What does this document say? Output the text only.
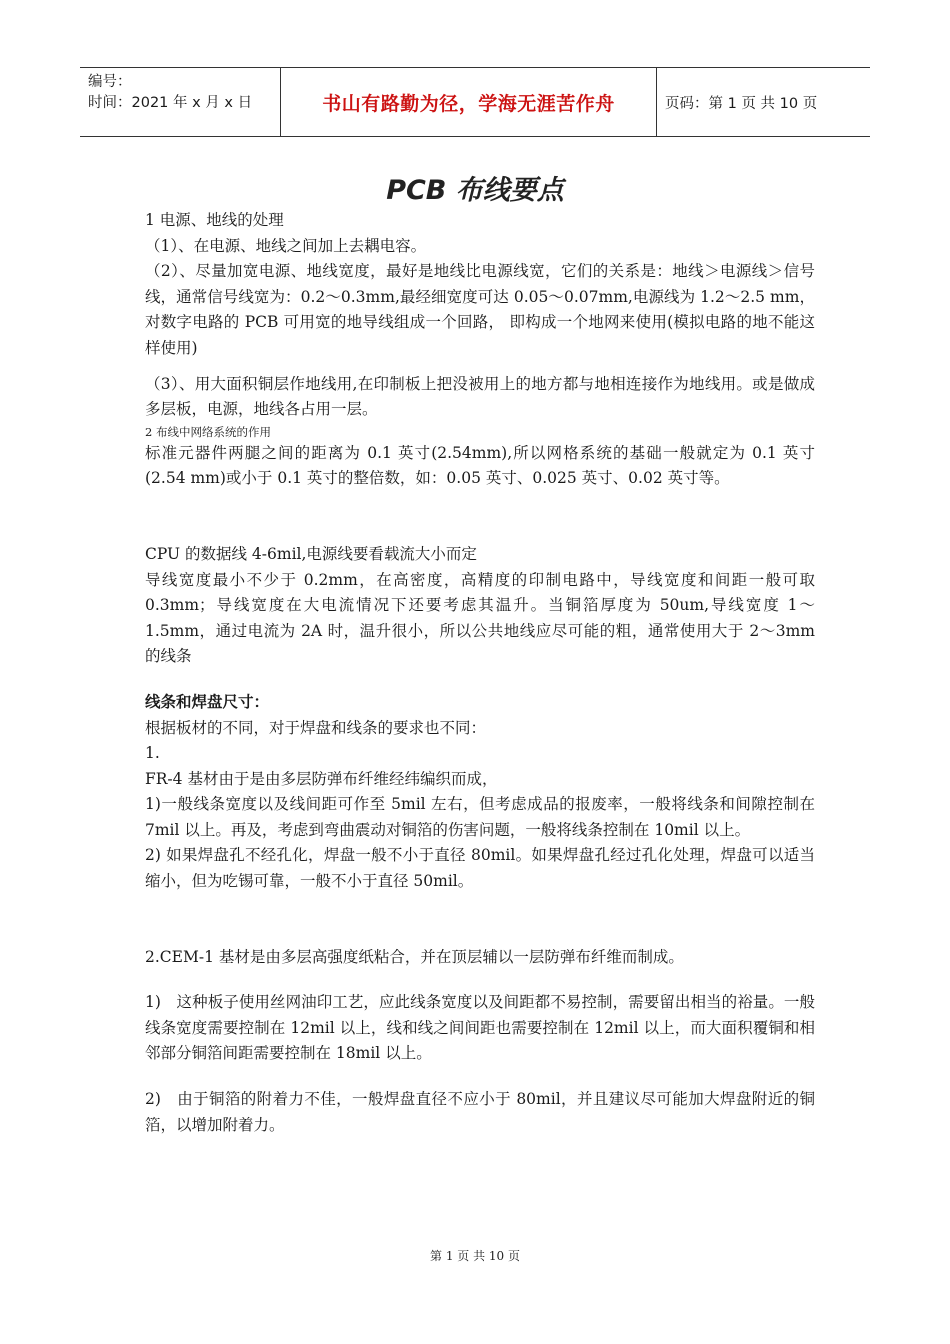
编号：
时间：2021 年 x 月 x 日	书山有路勤为径，学海无涯苦作舟	页码：第 1 页 共 10 页
PCB 布线要点

1 电源、地线的处理

（1）、在电源、地线之间加上去耦电容。

（2）、尽量加宽电源、地线宽度，最好是地线比电源线宽，它们的关系是：地线＞电源线＞信号线，通常信号线宽为：0.2～0.3mm,最经细宽度可达 0.05～0.07mm,电源线为 1.2～2.5 mm，对数字电路的 PCB 可用宽的地导线组成一个回路， 即构成一个地网来使用(模拟电路的地不能这样使用)

（3）、用大面积铜层作地线用,在印制板上把没被用上的地方都与地相连接作为地线用。或是做成多层板，电源，地线各占用一层。

2 布线中网络系统的作用

标准元器件两腿之间的距离为 0.1 英寸(2.54mm),所以网格系统的基础一般就定为 0.1 英寸(2.54 mm)或小于 0.1 英寸的整倍数，如：0.05 英寸、0.025 英寸、0.02 英寸等。

CPU 的数据线 4-6mil,电源线要看载流大小而定

导线宽度最小不少于 0.2mm，在高密度，高精度的印制电路中，导线宽度和间距一般可取 0.3mm；导线宽度在大电流情况下还要考虑其温升。当铜箔厚度为 50um,导线宽度 1～1.5mm，通过电流为 2A 时，温升很小，所以公共地线应尽可能的粗，通常使用大于 2～3mm 的线条

线条和焊盘尺寸：

根据板材的不同，对于焊盘和线条的要求也不同：

1.

FR-4 基材由于是由多层防弹布纤维经纬编织而成，

1)一般线条宽度以及线间距可作至 5mil 左右，但考虑成品的报废率，一般将线条和间隙控制在 7mil 以上。再及，考虑到弯曲震动对铜箔的伤害问题，一般将线条控制在 10mil 以上。

2) 如果焊盘孔不经孔化，焊盘一般不小于直径 80mil。如果焊盘孔经过孔化处理，焊盘可以适当缩小，但为吃锡可靠，一般不小于直径 50mil。

2.CEM-1 基材是由多层高强度纸粘合，并在顶层辅以一层防弹布纤维而制成。

1)　这种板子使用丝网油印工艺，应此线条宽度以及间距都不易控制，需要留出相当的裕量。一般线条宽度需要控制在 12mil 以上，线和线之间间距也需要控制在 12mil 以上，而大面积覆铜和相邻部分铜箔间距需要控制在 18mil 以上。

2)　由于铜箔的附着力不佳，一般焊盘直径不应小于 80mil，并且建议尽可能加大焊盘附近的铜箔，以增加附着力。

第 1 页 共 10 页
